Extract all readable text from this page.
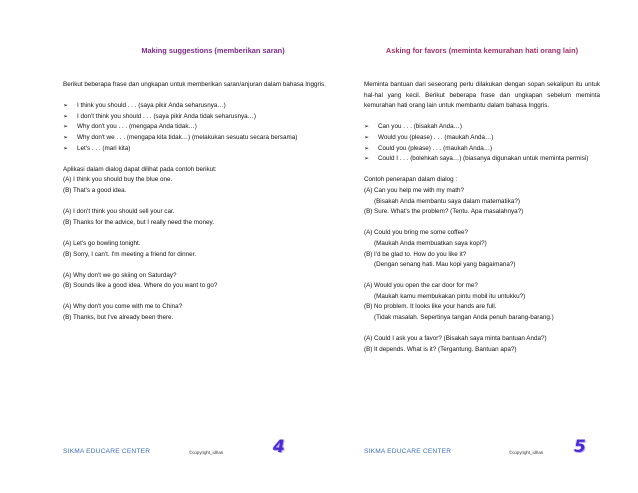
Making suggestions (memberikan saran)

Berikut beberapa frase dan ungkapan untuk memberikan saran/anjuran dalam bahasa Inggris.

➢ I think you should . . . (saya pikir Anda seharusnya…)
➢ I don't think you should . . . (saya pikir Anda tidak seharusnya…)
➢ Why don't you . . . (mengapa Anda tidak…)
➢ Why don't we . . . (mengapa kita tidak…) (melakukan sesuatu secara bersama)
➢ Let's . . . (mari kita)

Aplikasi dalam dialog dapat dilihat pada contoh berikut:

(A) I think you should buy the blue one.

(B) That's a good idea.

(A) I don't think you should sell your car.

(B) Thanks for the advice, but I really need the money.

(A) Let's go bowling tonight.

(B) Sorry, I can't. I'm meeting a friend for dinner.

(A) Why don't we go skiing on Saturday?

(B) Sounds like a good idea. Where do you want to go?

(A) Why don't you come with me to China?

(B) Thanks, but I've already been there.

SIKMA EDUCARE CENTER	©copyright_idhan	4
Asking for favors (meminta kemurahan hati orang lain)

Meminta bantuan dari seseorang perlu dilakukan dengan sopan sekalipun itu untuk hal-hal yang kecil. Berikut beberapa frase dan ungkapan sebelum meminta kemurahan hati orang lain untuk membantu dalam bahasa Inggris.

➢ Can you . . . (bisakah Anda…)
➢ Would you (please) . . . (maukah Anda…)
➢ Could you (please) . . . (maukah Anda…)
➢ Could I . . . (bolehkah saya…) (biasanya digunakan untuk meminta permisi)

Contoh penerapan dalam dialog :

(A) Can you help me with my math?
(Bisakah Anda membantu saya dalam matematika?)
(B) Sure. What's the problem? (Tentu. Apa masalahnya?)
(A) Could you bring me some coffee?
(Maukah Anda membuatkan saya kopi?)
(B) I'd be glad to. How do you like it?
(Dengan senang hati. Mau kopi yang bagaimana?)
(A) Would you open the car door for me?
(Maukah kamu membukakan pintu mobil itu untukku?)
(B) No problem. It looks like your hands are full.
(Tidak masalah. Sepertinya tangan Anda penuh barang-barang.)
(A) Could I ask you a favor? (Bisakah saya minta bantuan Anda?)
(B) It depends. What is it? (Tergantung. Bantuan apa?)
SIKMA EDUCARE CENTER	©copyright_idhan 5
